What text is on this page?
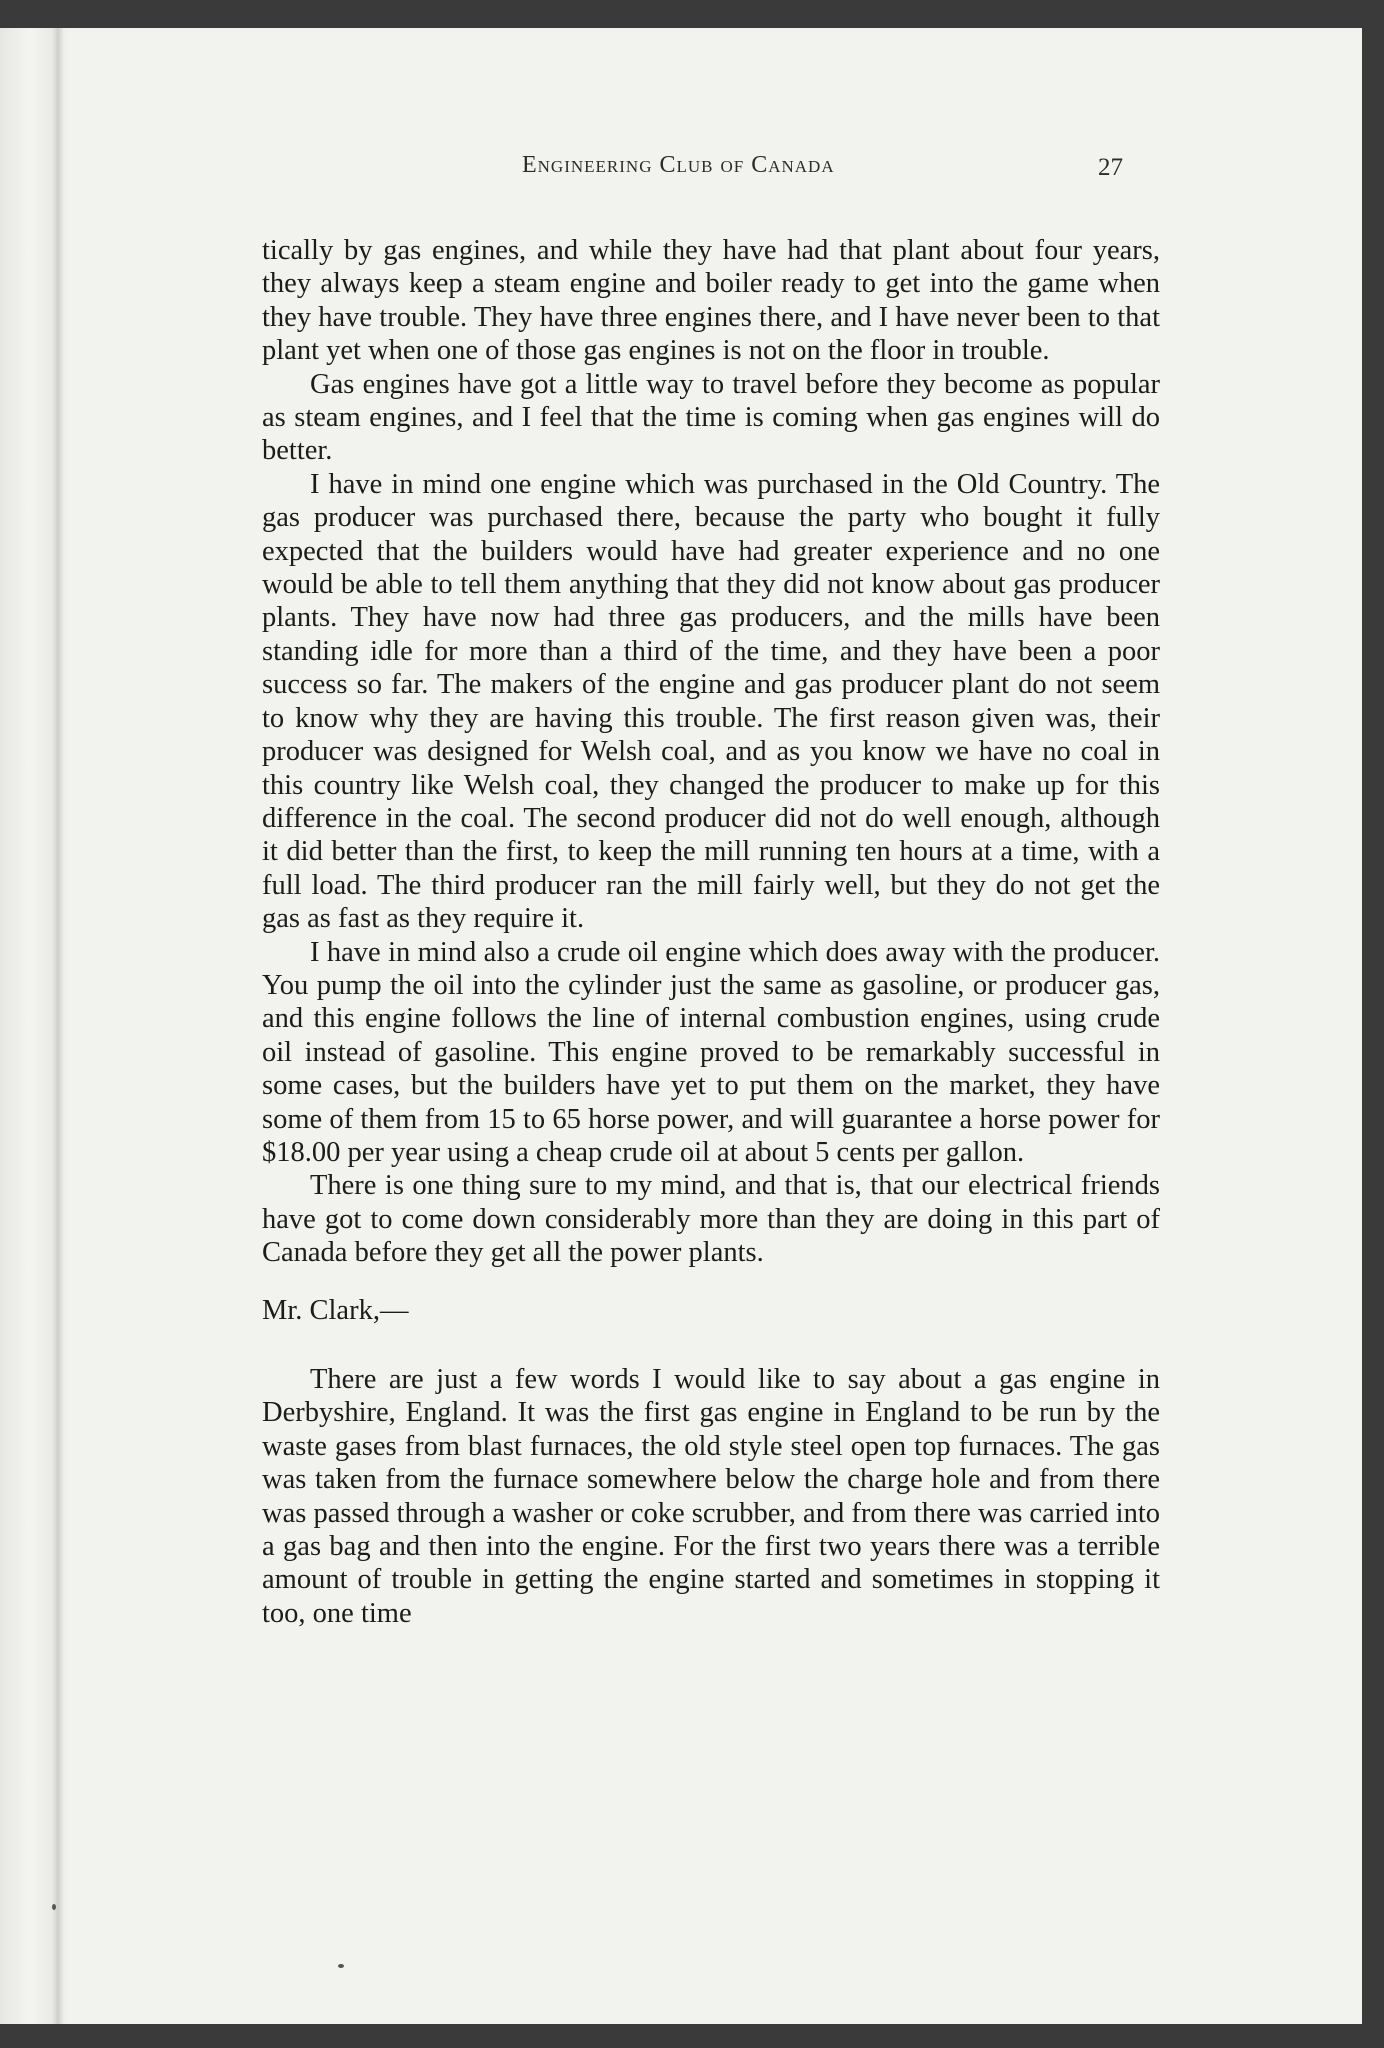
Engineering Club of Canada	27

tically by gas engines, and while they have had that plant about four years, they always keep a steam engine and boiler ready to get into the game when they have trouble. They have three engines there, and I have never been to that plant yet when one of those gas engines is not on the floor in trouble.

Gas engines have got a little way to travel before they become as popular as steam engines, and I feel that the time is coming when gas engines will do better.

I have in mind one engine which was purchased in the Old Country. The gas producer was purchased there, because the party who bought it fully expected that the builders would have had greater experience and no one would be able to tell them anything that they did not know about gas producer plants. They have now had three gas producers, and the mills have been standing idle for more than a third of the time, and they have been a poor success so far. The makers of the engine and gas producer plant do not seem to know why they are having this trouble. The first reason given was, their producer was designed for Welsh coal, and as you know we have no coal in this country like Welsh coal, they changed the producer to make up for this difference in the coal. The second producer did not do well enough, although it did better than the first, to keep the mill running ten hours at a time, with a full load. The third producer ran the mill fairly well, but they do not get the gas as fast as they require it.

I have in mind also a crude oil engine which does away with the producer. You pump the oil into the cylinder just the same as gasoline, or producer gas, and this engine follows the line of internal combustion engines, using crude oil instead of gasoline. This engine proved to be remarkably successful in some cases, but the builders have yet to put them on the market, they have some of them from 15 to 65 horse power, and will guarantee a horse power for $18.00 per year using a cheap crude oil at about 5 cents per gallon.

There is one thing sure to my mind, and that is, that our electrical friends have got to come down considerably more than they are doing in this part of Canada before they get all the power plants.

Mr. Clark,—

There are just a few words I would like to say about a gas engine in Derbyshire, England. It was the first gas engine in England to be run by the waste gases from blast furnaces, the old style steel open top furnaces. The gas was taken from the furnace somewhere below the charge hole and from there was passed through a washer or coke scrubber, and from there was carried into a gas bag and then into the engine. For the first two years there was a terrible amount of trouble in getting the engine started and sometimes in stopping it too, one time
